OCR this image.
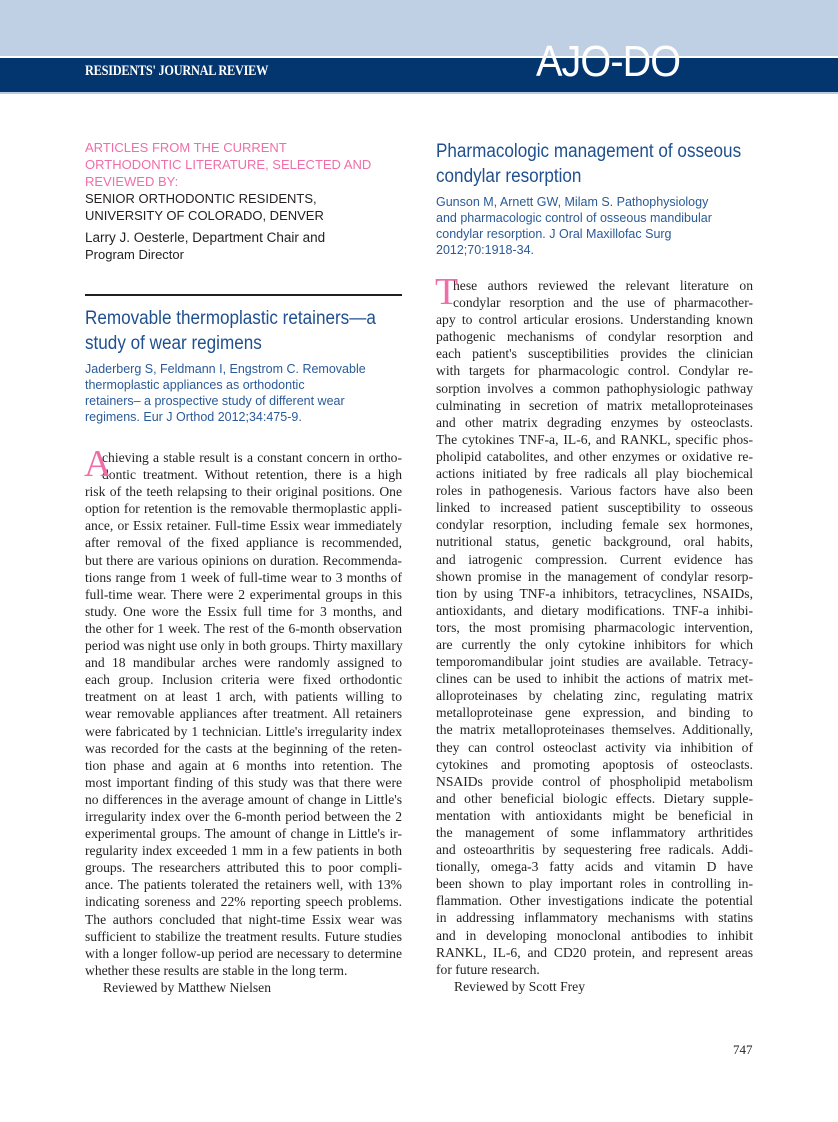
RESIDENTS' JOURNAL REVIEW	AJO-DO
ARTICLES FROM THE CURRENT
ORTHODONTIC LITERATURE, SELECTED AND
REVIEWED BY:
SENIOR ORTHODONTIC RESIDENTS,
UNIVERSITY OF COLORADO, DENVER
Larry J. Oesterle, Department Chair and
Program Director
Removable thermoplastic retainers—a
study of wear regimens
Jaderberg S, Feldmann I, Engstrom C. Removable
thermoplastic appliances as orthodontic
retainers– a prospective study of different wear
regimens. Eur J Orthod 2012;34:475-9.
A
chieving a stable result is a constant concern in ortho-
dontic treatment. Without retention, there is a high
risk of the teeth relapsing to their original positions. One
option for retention is the removable thermoplastic appli-
ance, or Essix retainer. Full-time Essix wear immediately
after removal of the fixed appliance is recommended,
but there are various opinions on duration. Recommenda-
tions range from 1 week of full-time wear to 3 months of
full-time wear. There were 2 experimental groups in this
study. One wore the Essix full time for 3 months, and
the other for 1 week. The rest of the 6-month observation
period was night use only in both groups. Thirty maxillary
and 18 mandibular arches were randomly assigned to
each group. Inclusion criteria were fixed orthodontic
treatment on at least 1 arch, with patients willing to
wear removable appliances after treatment. All retainers
were fabricated by 1 technician. Little's irregularity index
was recorded for the casts at the beginning of the reten-
tion phase and again at 6 months into retention. The
most important finding of this study was that there were
no differences in the average amount of change in Little's
irregularity index over the 6-month period between the 2
experimental groups. The amount of change in Little's ir-
regularity index exceeded 1 mm in a few patients in both
groups. The researchers attributed this to poor compli-
ance. The patients tolerated the retainers well, with 13%
indicating soreness and 22% reporting speech problems.
The authors concluded that night-time Essix wear was
sufficient to stabilize the treatment results. Future studies
with a longer follow-up period are necessary to determine
whether these results are stable in the long term.
Reviewed by Matthew Nielsen
Pharmacologic management of osseous
condylar resorption
Gunson M, Arnett GW, Milam S. Pathophysiology
and pharmacologic control of osseous mandibular
condylar resorption. J Oral Maxillofac Surg
2012;70:1918-34.
T
hese authors reviewed the relevant literature on
condylar resorption and the use of pharmacother-
apy to control articular erosions. Understanding known
pathogenic mechanisms of condylar resorption and
each patient's susceptibilities provides the clinician
with targets for pharmacologic control. Condylar re-
sorption involves a common pathophysiologic pathway
culminating in secretion of matrix metalloproteinases
and other matrix degrading enzymes by osteoclasts.
The cytokines TNF-a, IL-6, and RANKL, specific phos-
pholipid catabolites, and other enzymes or oxidative re-
actions initiated by free radicals all play biochemical
roles in pathogenesis. Various factors have also been
linked to increased patient susceptibility to osseous
condylar resorption, including female sex hormones,
nutritional status, genetic background, oral habits,
and iatrogenic compression. Current evidence has
shown promise in the management of condylar resorp-
tion by using TNF-a inhibitors, tetracyclines, NSAIDs,
antioxidants, and dietary modifications. TNF-a inhibi-
tors, the most promising pharmacologic intervention,
are currently the only cytokine inhibitors for which
temporomandibular joint studies are available. Tetracy-
clines can be used to inhibit the actions of matrix met-
alloproteinases by chelating zinc, regulating matrix
metalloproteinase gene expression, and binding to
the matrix metalloproteinases themselves. Additionally,
they can control osteoclast activity via inhibition of
cytokines and promoting apoptosis of osteoclasts.
NSAIDs provide control of phospholipid metabolism
and other beneficial biologic effects. Dietary supple-
mentation with antioxidants might be beneficial in
the management of some inflammatory arthritides
and osteoarthritis by sequestering free radicals. Addi-
tionally, omega-3 fatty acids and vitamin D have
been shown to play important roles in controlling in-
flammation. Other investigations indicate the potential
in addressing inflammatory mechanisms with statins
and in developing monoclonal antibodies to inhibit
RANKL, IL-6, and CD20 protein, and represent areas
for future research.
Reviewed by Scott Frey
747
